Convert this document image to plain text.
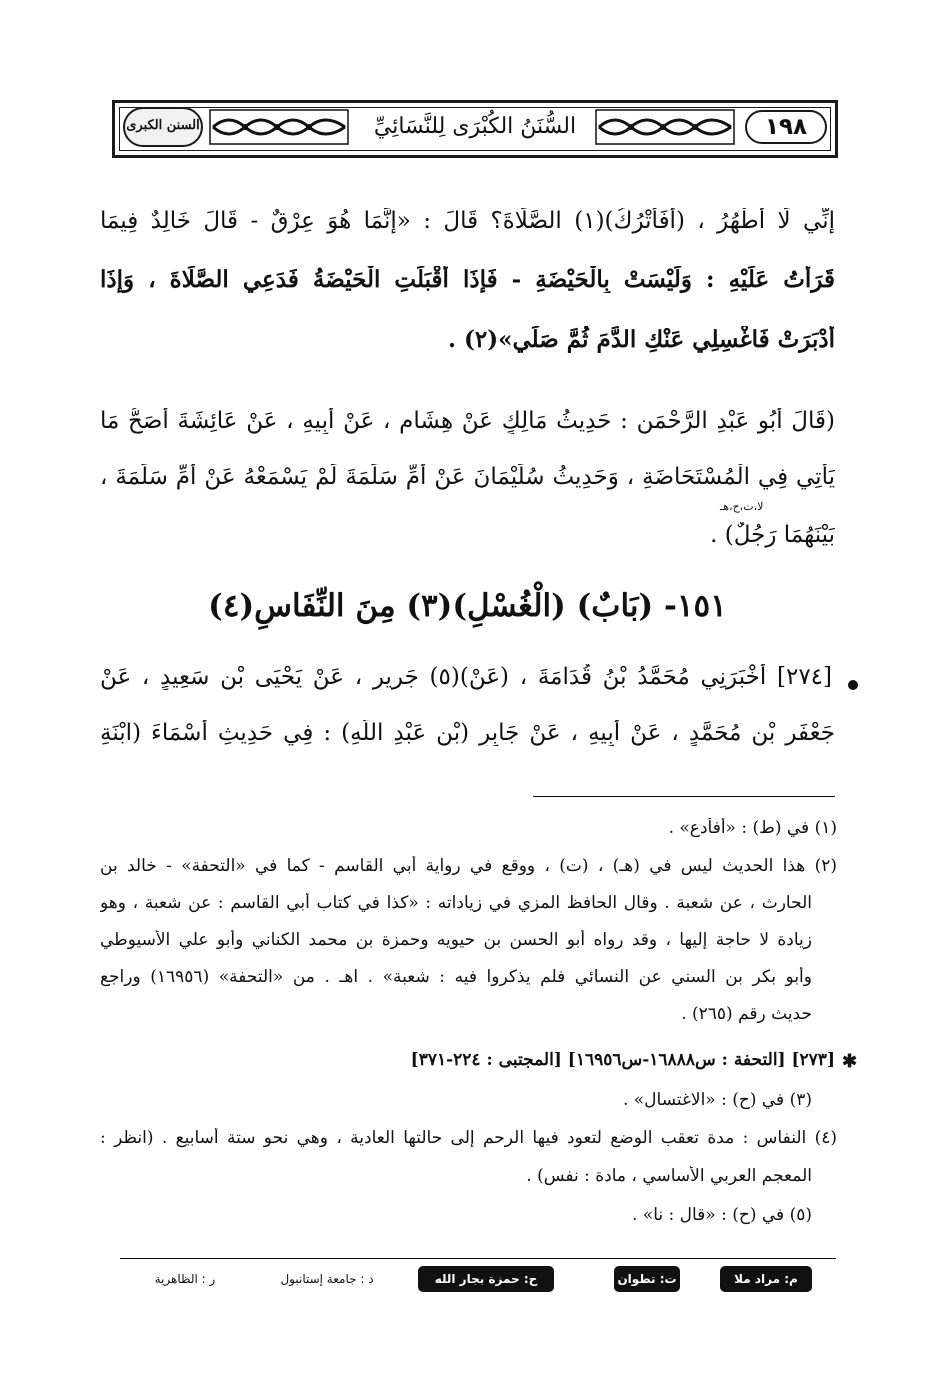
١٩٨
السُّنَنُ الكُبْرَى لِلنَّسَائِيِّ
السنن الكبرى
إِنِّي لَا أَطْهُرُ ، (أَفَأَتْرُكُ)(١) الصَّلَاةَ؟ قَالَ : «إِنَّمَا هُوَ عِرْقٌ - قَالَ خَالِدٌ فِيمَا
قَرَأْتُ عَلَيْهِ : وَلَيْسَتْ بِالْحَيْضَةِ - فَإِذَا أَقْبَلَتِ الْحَيْضَةُ فَدَعِي الصَّلَاةَ ، وَإِذَا
أَدْبَرَتْ فَاغْسِلِي عَنْكِ الدَّمَ ثُمَّ صَلِّي»(٢) .
(قَالَ أَبُو عَبْدِ الرَّحْمَنِ : حَدِيثُ مَالِكٍ عَنْ هِشَامٍ ، عَنْ أَبِيهِ ، عَنْ عَائِشَةَ أَصَحُّ مَا
يَأْتِي فِي الْمُسْتَحَاضَةِ ، وَحَدِيثُ سُلَيْمَانَ عَنْ أُمِّ سَلَمَةَ لَمْ يَسْمَعْهُ عَنْ أُمِّ سَلَمَةَ ،
لا،ت،ح،هـ
بَيْنَهُمَا رَجُلٌ) .
١٥١- (بَابٌ) (الْغُسْلِ)(٣) مِنَ النِّفَاسِ(٤)
[٢٧٤] أَخْبَرَنِي مُحَمَّدُ بْنُ قُدَامَةَ ، (عَنْ)(٥) جَرِيرٍ ، عَنْ يَحْيَى بْنِ سَعِيدٍ ، عَنْ
جَعْفَرِ بْنِ مُحَمَّدٍ ، عَنْ أَبِيهِ ، عَنْ جَابِرٍ (بْنِ عَبْدِ اللَّهِ) : فِي حَدِيثِ أَسْمَاءَ (ابْنَةِ
(١) في (ط) : «أفأدع» .
(٢) هذا الحديث ليس في (هـ) ، (ت) ، ووقع في رواية أبي القاسم - كما في «التحفة» - خالد بن
الحارث ، عن شعبة . وقال الحافظ المزي في زياداته : «كذا في كتاب أبي القاسم : عن شعبة ، وهو
زيادة لا حاجة إليها ، وقد رواه أبو الحسن بن حيويه وحمزة بن محمد الكناني وأبو علي الأسيوطي
وأبو بكر بن السني عن النسائي فلم يذكروا فيه : شعبة» . اهـ . من «التحفة» (١٦٩٥٦) وراجع
حديث رقم (٢٦٥) .
✱
[٢٧٣] [التحفة : س١٦٨٨٨-س١٦٩٥٦] [المجتبى : ٢٢٤-٣٧١]
(٣) في (ح) : «الاغتسال» .
(٤) النفاس : مدة تعقب الوضع لتعود فيها الرحم إلى حالتها العادية ، وهي نحو ستة أسابيع . (انظر :
المعجم العربي الأساسي ، مادة : نفس) .
(٥) في (ح) : «قال : نا» .
م: مراد ملا
ت: تطوان
ح: حمزة بجار الله
د : جامعة إستانبول
ر : الظاهرية
